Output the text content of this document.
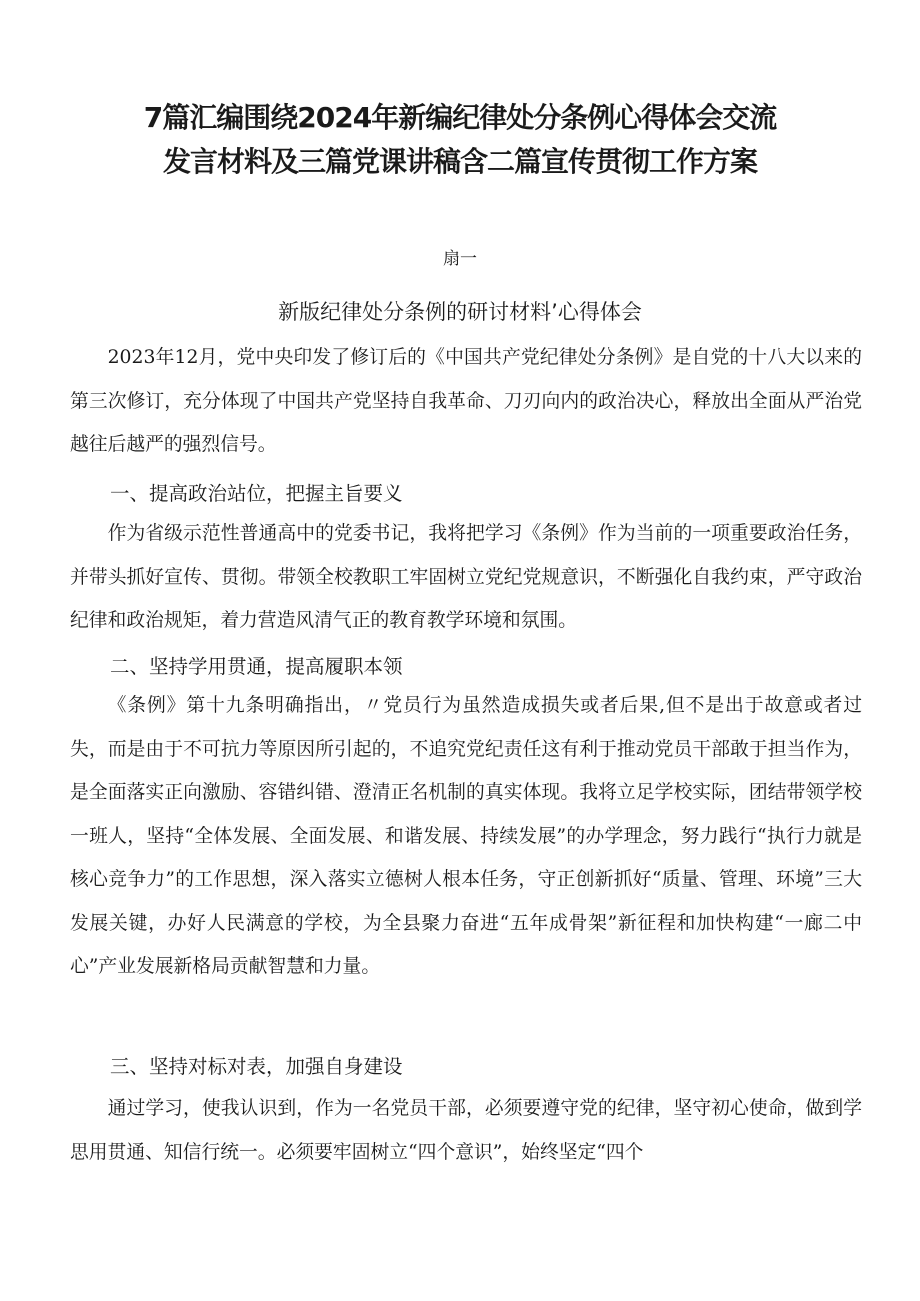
7篇汇编围绕2024年新编纪律处分条例心得体会交流
发言材料及三篇党课讲稿含二篇宣传贯彻工作方案
扇一
新版纪律处分条例的研讨材料’心得体会

2023年12月，党中央印发了修订后的《中国共产党纪律处分条例》是自党的十八大以来的第三次修订，充分体现了中国共产党坚持自我革命、刀刃向内的政治决心，释放出全面从严治党越往后越严的强烈信号。

一、提高政治站位，把握主旨要义

作为省级示范性普通高中的党委书记，我将把学习《条例》作为当前的一项重要政治任务，并带头抓好宣传、贯彻。带领全校教职工牢固树立党纪党规意识，不断强化自我约束，严守政治纪律和政治规矩，着力营造风清气正的教育教学环境和氛围。

二、坚持学用贯通，提高履职本领

《条例》第十九条明确指出，〃党员行为虽然造成损失或者后果,但不是出于故意或者过失，而是由于不可抗力等原因所引起的，不追究党纪责任这有利于推动党员干部敢于担当作为，是全面落实正向激励、容错纠错、澄清正名机制的真实体现。我将立足学校实际，团结带领学校一班人，坚持“全体发展、全面发展、和谐发展、持续发展”的办学理念，努力践行“执行力就是核心竞争力”的工作思想，深入落实立德树人根本任务，守正创新抓好“质量、管理、环境”三大发展关键，办好人民满意的学校，为全县聚力奋进“五年成骨架”新征程和加快构建“一廊二中心”产业发展新格局贡献智慧和力量。

三、坚持对标对表，加强自身建设

通过学习，使我认识到，作为一名党员干部，必须要遵守党的纪律，坚守初心使命，做到学思用贯通、知信行统一。必须要牢固树立“四个意识”，始终坚定“四个
